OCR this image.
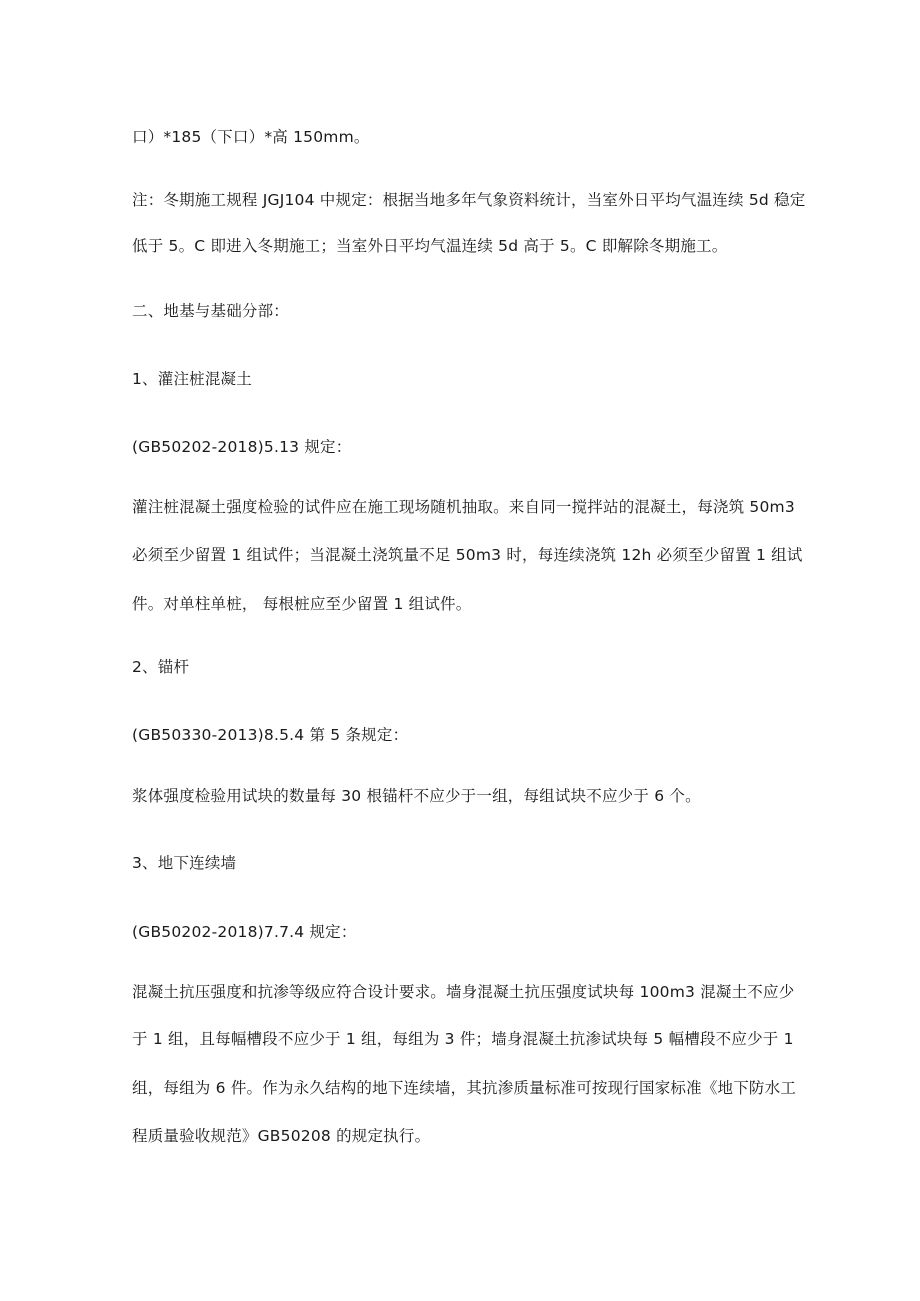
口）*185（下口）*高 150mm。
注：冬期施工规程 JGJ104 中规定：根据当地多年气象资料统计，当室外日平均气温连续 5d 稳定
低于 5。C 即进入冬期施工；当室外日平均气温连续 5d 高于 5。C 即解除冬期施工。
二、地基与基础分部：
1、灌注桩混凝土
(GB50202-2018)5.13 规定：
灌注桩混凝土强度检验的试件应在施工现场随机抽取。来自同一搅拌站的混凝土，每浇筑 50m3
必须至少留置 1 组试件；当混凝土浇筑量不足 50m3 时，每连续浇筑 12h 必须至少留置 1 组试
件。对单柱单桩， 每根桩应至少留置 1 组试件。
2、锚杆
(GB50330-2013)8.5.4 第 5 条规定：
浆体强度检验用试块的数量每 30 根锚杆不应少于一组，每组试块不应少于 6 个。
3、地下连续墙
(GB50202-2018)7.7.4 规定：
混凝土抗压强度和抗渗等级应符合设计要求。墙身混凝土抗压强度试块每 100m3 混凝土不应少
于 1 组，且每幅槽段不应少于 1 组，每组为 3 件；墙身混凝土抗渗试块每 5 幅槽段不应少于 1
组，每组为 6 件。作为永久结构的地下连续墙，其抗渗质量标准可按现行国家标准《地下防水工
程质量验收规范》GB50208 的规定执行。
